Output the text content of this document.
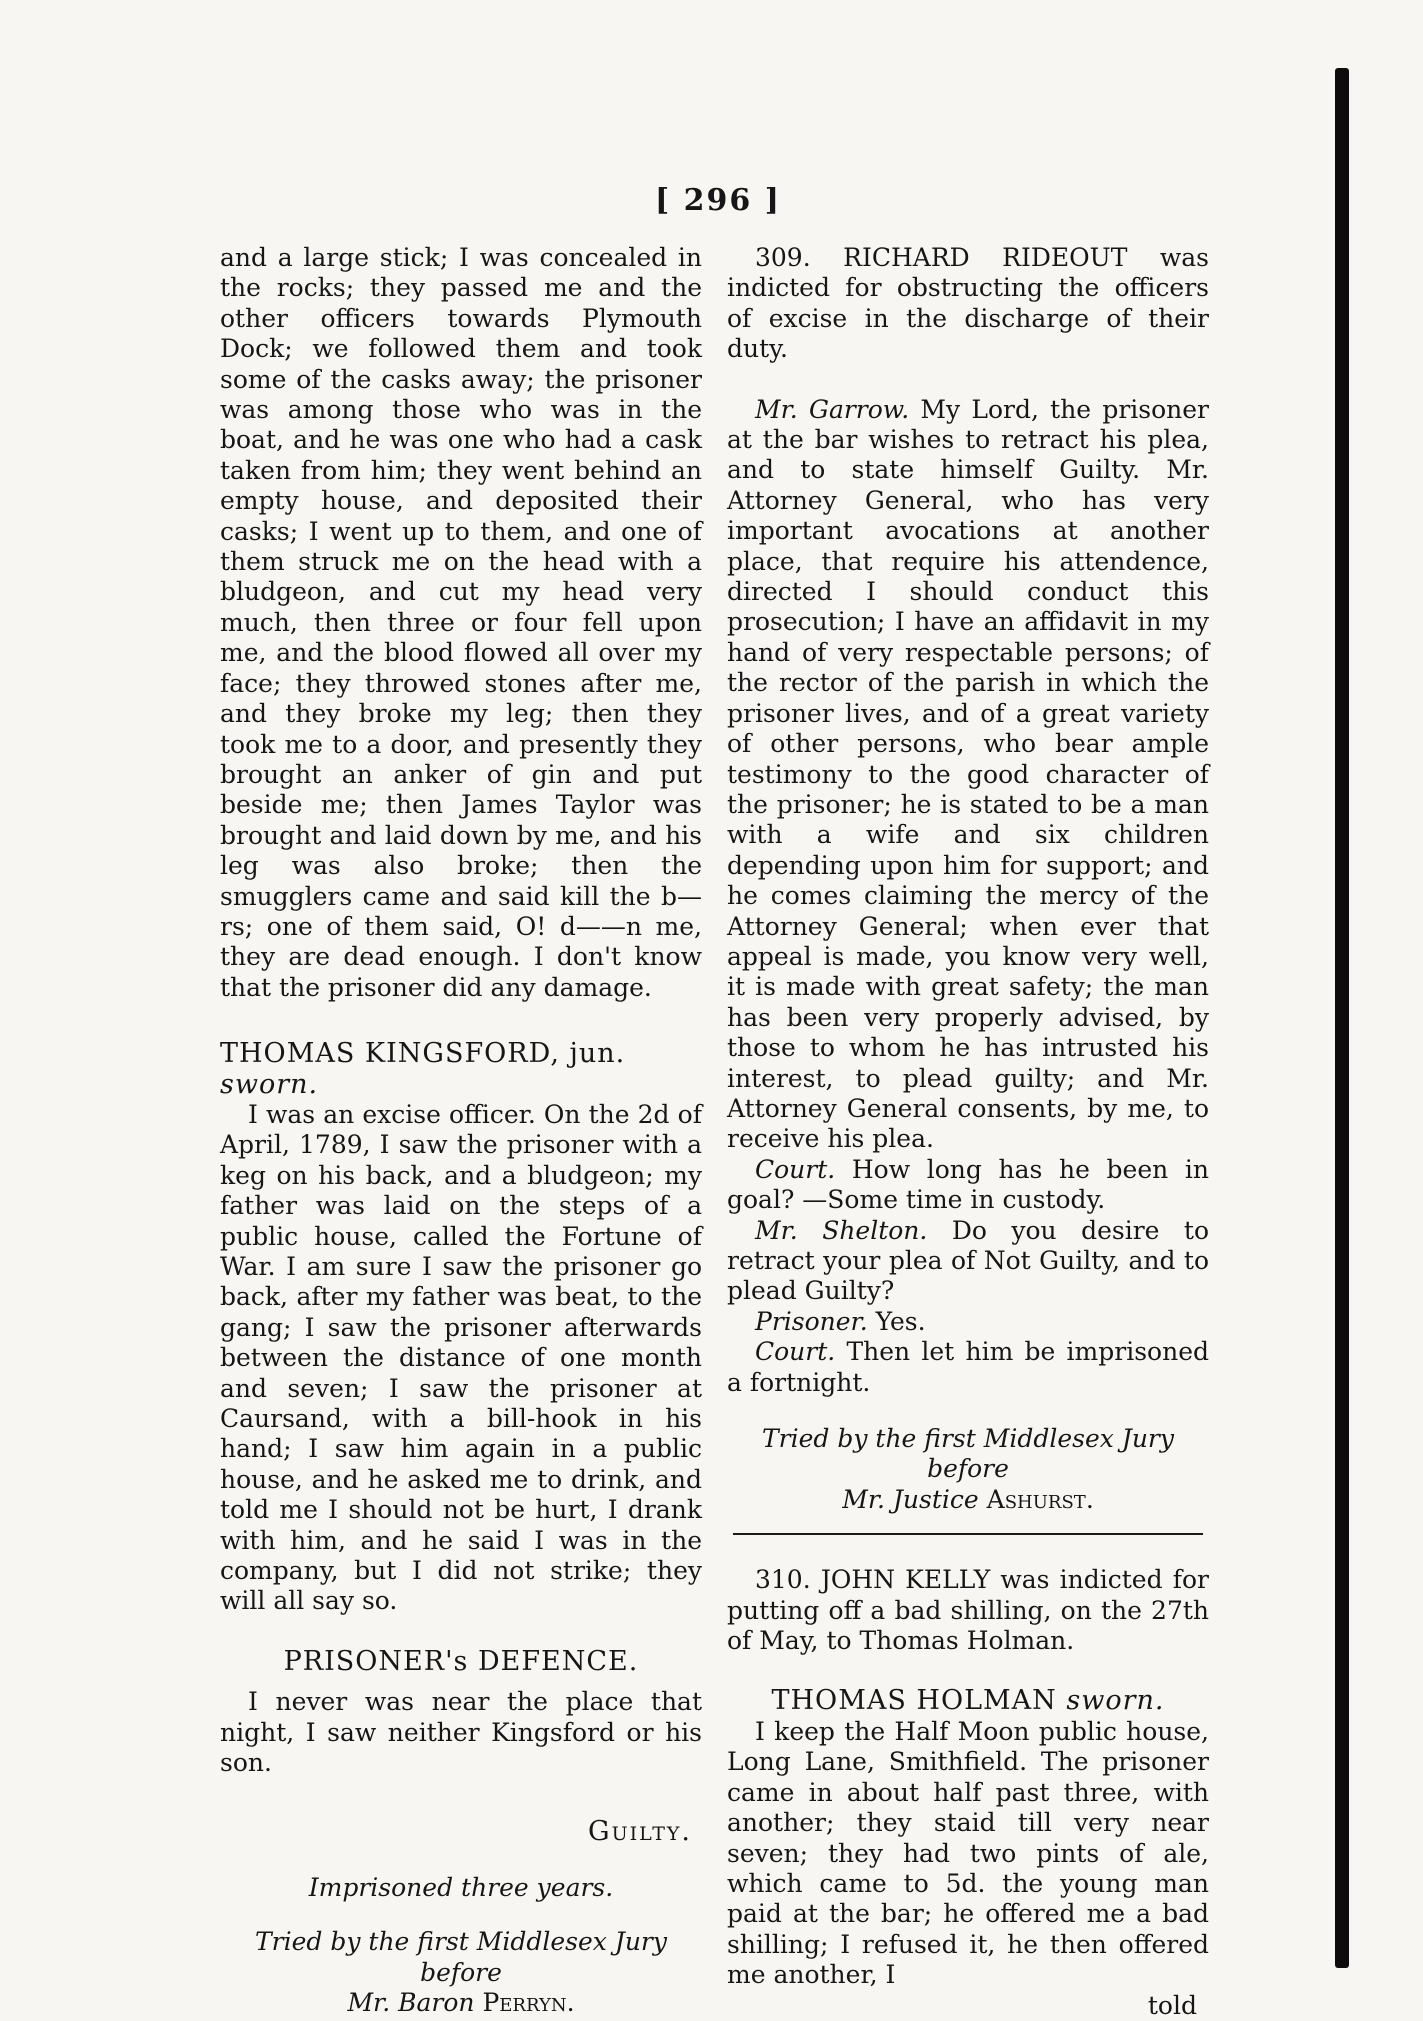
[ 296 ]

and a large stick; I was concealed in the rocks; they passed me and the other officers towards Plymouth Dock; we followed them and took some of the casks away; the prisoner was among those who was in the boat, and he was one who had a cask taken from him; they went behind an empty house, and deposited their casks; I went up to them, and one of them struck me on the head with a bludgeon, and cut my head very much, then three or four fell upon me, and the blood flowed all over my face; they throwed stones after me, and they broke my leg; then they took me to a door, and presently they brought an anker of gin and put beside me; then James Taylor was brought and laid down by me, and his leg was also broke; then the smugglers came and said kill the b—rs; one of them said, O! d——n me, they are dead enough. I don't know that the prisoner did any damage.

THOMAS KINGSFORD, jun. sworn.

I was an excise officer. On the 2d of April, 1789, I saw the prisoner with a keg on his back, and a bludgeon; my father was laid on the steps of a public house, called the Fortune of War. I am sure I saw the prisoner go back, after my father was beat, to the gang; I saw the prisoner afterwards between the distance of one month and seven; I saw the prisoner at Caursand, with a bill-hook in his hand; I saw him again in a public house, and he asked me to drink, and told me I should not be hurt, I drank with him, and he said I was in the company, but I did not strike; they will all say so.

PRISONER's DEFENCE.

I never was near the place that night, I saw neither Kingsford or his son.

Guilty.

Imprisoned three years.

Tried by the first Middlesex Jury before

Mr. Baron Perryn.

309. RICHARD RIDEOUT was indicted for obstructing the officers of excise in the discharge of their duty.

Mr. Garrow. My Lord, the prisoner at the bar wishes to retract his plea, and to state himself Guilty. Mr. Attorney General, who has very important avocations at another place, that require his attendence, directed I should conduct this prosecution; I have an affidavit in my hand of very respectable persons; of the rector of the parish in which the prisoner lives, and of a great variety of other persons, who bear ample testimony to the good character of the prisoner; he is stated to be a man with a wife and six children depending upon him for support; and he comes claiming the mercy of the Attorney General; when ever that appeal is made, you know very well, it is made with great safety; the man has been very properly advised, by those to whom he has intrusted his interest, to plead guilty; and Mr. Attorney General consents, by me, to receive his plea.

Court. How long has he been in goal? —Some time in custody.

Mr. Shelton. Do you desire to retract your plea of Not Guilty, and to plead Guilty?

Prisoner. Yes.

Court. Then let him be imprisoned a fortnight.

Tried by the first Middlesex Jury before

Mr. Justice Ashurst.

310. JOHN KELLY was indicted for putting off a bad shilling, on the 27th of May, to Thomas Holman.

THOMAS HOLMAN sworn.

I keep the Half Moon public house, Long Lane, Smithfield. The prisoner came in about half past three, with another; they staid till very near seven; they had two pints of ale, which came to 5d. the young man paid at the bar; he offered me a bad shilling; I refused it, he then offered me another, I

told
